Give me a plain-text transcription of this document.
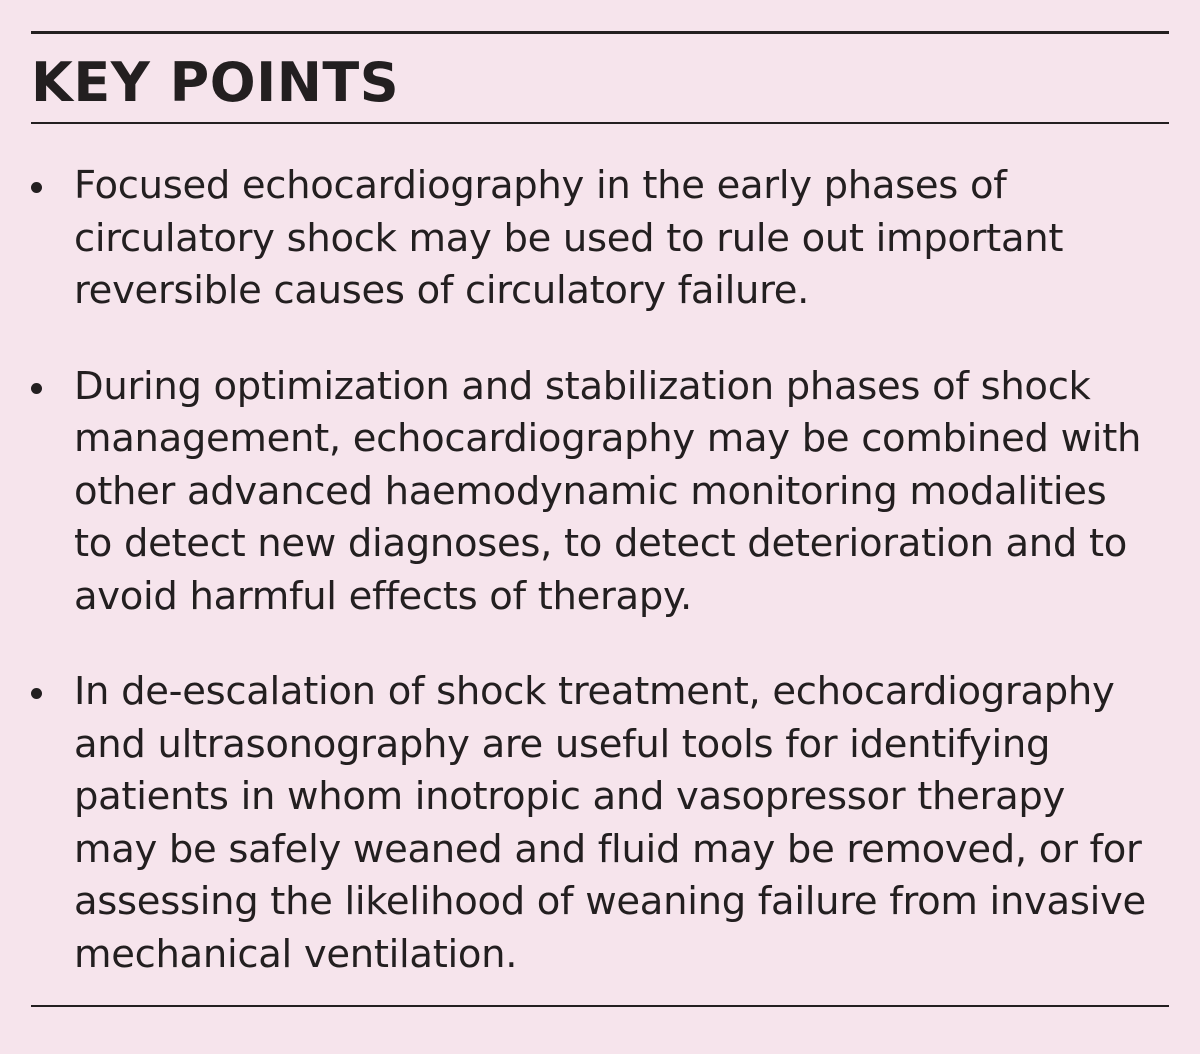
KEY POINTS
Focused echocardiography in the early phases of circulatory shock may be used to rule out important reversible causes of circulatory failure.
During optimization and stabilization phases of shock management, echocardiography may be combined with other advanced haemodynamic monitoring modalities to detect new diagnoses, to detect deterioration and to avoid harmful effects of therapy.
In de-escalation of shock treatment, echocardiography and ultrasonography are useful tools for identifying patients in whom inotropic and vasopressor therapy may be safely weaned and fluid may be removed, or for assessing the likelihood of weaning failure from invasive mechanical ventilation.
